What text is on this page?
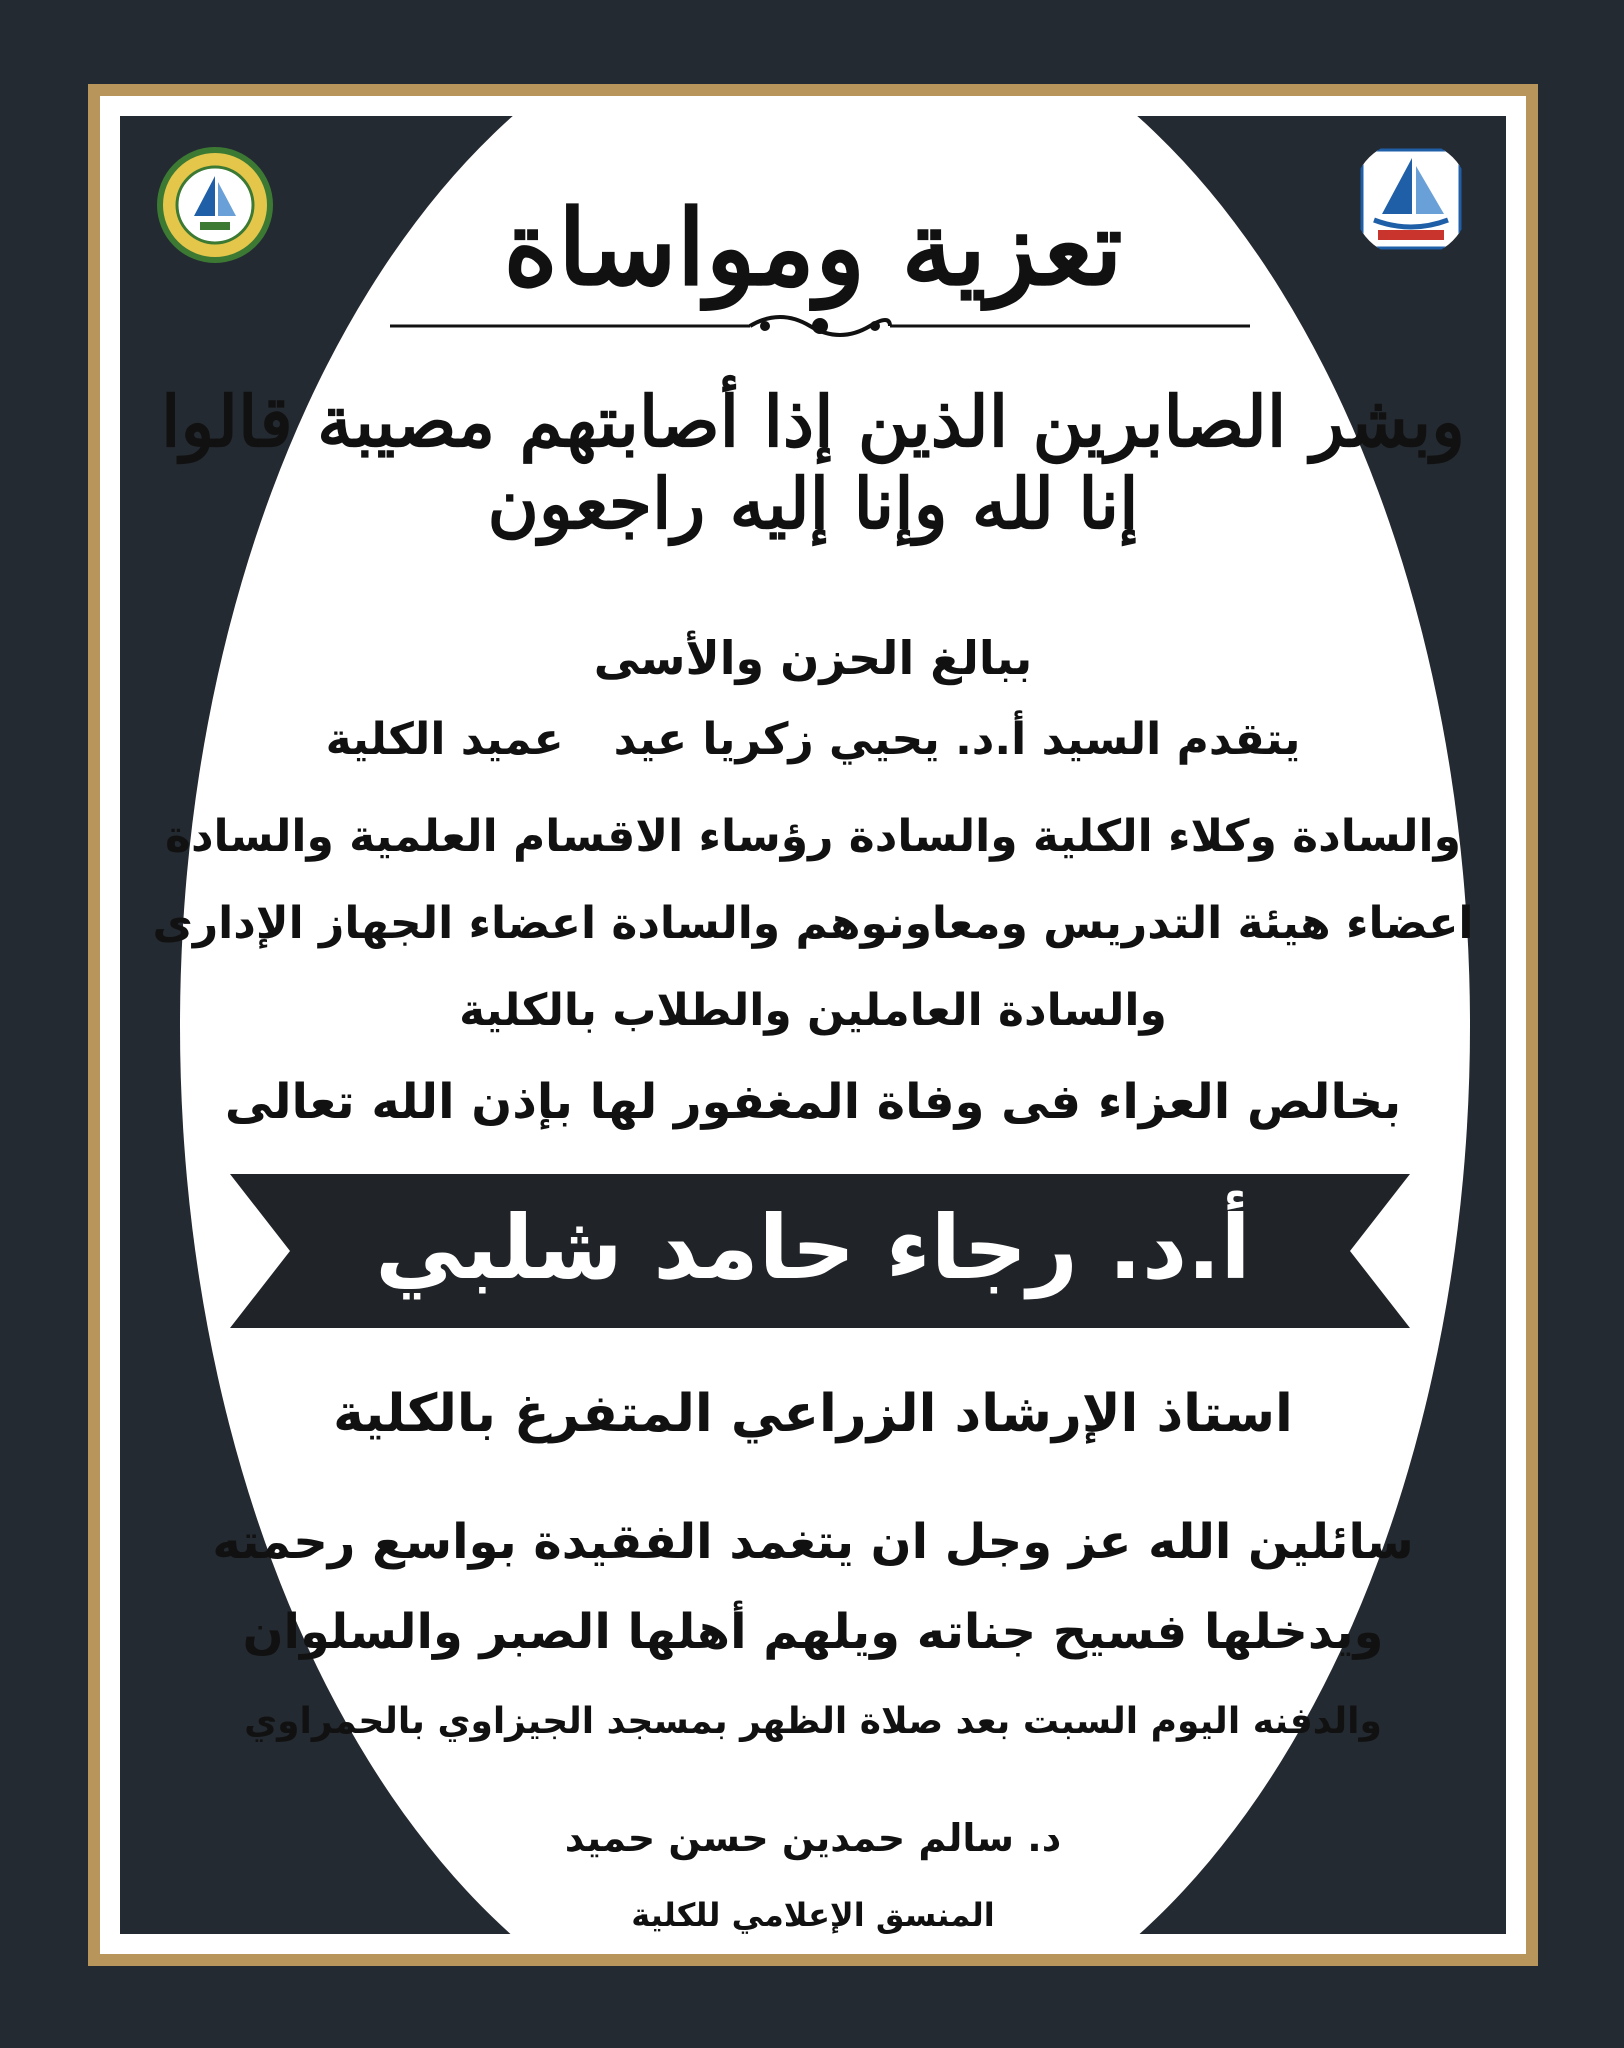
تعزية ومواساة
وبشر الصابرين الذين إذا أصابتهم مصيبة قالوا إنا لله وإنا إليه راجعون
ببالغ الحزن والأسى
يتقدم السيد أ.د. يحيي زكريا عيدعميد الكلية
والسادة وكلاء الكلية والسادة رؤساء الاقسام العلمية والسادة
اعضاء هيئة التدريس ومعاونوهم والسادة اعضاء الجهاز الإدارى
والسادة العاملين والطلاب بالكلية
بخالص العزاء فى وفاة المغفور لها بإذن الله تعالى
أ.د. رجاء حامد شلبي
استاذ الإرشاد الزراعي المتفرغ بالكلية
سائلين الله عز وجل ان يتغمد الفقيدة بواسع رحمته
ويدخلها فسيح جناته ويلهم أهلها الصبر والسلوان
والدفنه اليوم السبت بعد صلاة الظهر بمسجد الجيزاوي بالحمراوي
د. سالم حمدين حسن حميد
المنسق الإعلامي للكلية
